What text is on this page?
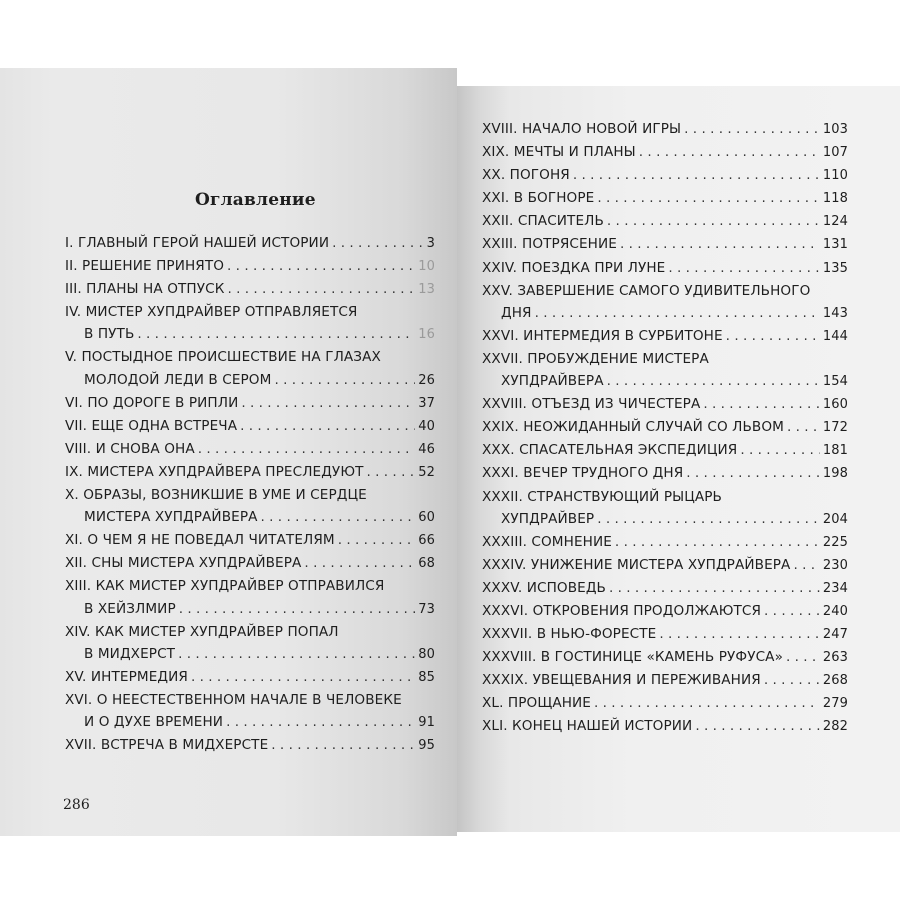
Оглавление
I. ГЛАВНЫЙ ГЕРОЙ НАШЕЙ ИСТОРИИ . . .	3
II. РЕШЕНИЕ ПРИНЯТО . . .	10
III. ПЛАНЫ НА ОТПУСК . . .	13
IV. МИСТЕР ХУПДРАЙВЕР ОТПРАВЛЯЕТСЯ
В ПУТЬ . . .	16
V. ПОСТЫДНОЕ ПРОИСШЕСТВИЕ НА ГЛАЗАХ
МОЛОДОЙ ЛЕДИ В СЕРОМ . . .	26
VI. ПО ДОРОГЕ В РИПЛИ . . .	37
VII. ЕЩЕ ОДНА ВСТРЕЧА . . .	40
VIII. И СНОВА ОНА . . .	46
IX. МИСТЕРА ХУПДРАЙВЕРА ПРЕСЛЕДУЮТ . . .	52
X. ОБРАЗЫ, ВОЗНИКШИЕ В УМЕ И СЕРДЦЕ
МИСТЕРА ХУПДРАЙВЕРА . . .	60
XI. О ЧЕМ Я НЕ ПОВЕДАЛ ЧИТАТЕЛЯМ . . .	66
XII. СНЫ МИСТЕРА ХУПДРАЙВЕРА . . .	68
XIII. КАК МИСТЕР ХУПДРАЙВЕР ОТПРАВИЛСЯ
В ХЕЙЗЛМИР . . .	73
XIV. КАК МИСТЕР ХУПДРАЙВЕР ПОПАЛ
В МИДХЕРСТ . . .	80
XV. ИНТЕРМЕДИЯ . . .	85
XVI. О НЕЕСТЕСТВЕННОМ НАЧАЛЕ В ЧЕЛОВЕКЕ
И О ДУХЕ ВРЕМЕНИ . . .	91
XVII. ВСТРЕЧА В МИДХЕРСТЕ . . .	95
XVIII. НАЧАЛО НОВОЙ ИГРЫ . . .	103
XIX. МЕЧТЫ И ПЛАНЫ . . .	107
XX. ПОГОНЯ . . .	110
XXI. В БОГНОРЕ . . .	118
XXII. СПАСИТЕЛЬ . . .	124
XXIII. ПОТРЯСЕНИЕ . . .	131
XXIV. ПОЕЗДКА ПРИ ЛУНЕ . . .	135
XXV. ЗАВЕРШЕНИЕ САМОГО УДИВИТЕЛЬНОГО
ДНЯ . . .	143
XXVI. ИНТЕРМЕДИЯ В СУРБИТОНЕ . . .	144
XXVII. ПРОБУЖДЕНИЕ МИСТЕРА
ХУПДРАЙВЕРА . . .	154
XXVIII. ОТЪЕЗД ИЗ ЧИЧЕСТЕРА . . .	160
XXIX. НЕОЖИДАННЫЙ СЛУЧАЙ СО ЛЬВОМ . . .	172
XXX. СПАСАТЕЛЬНАЯ ЭКСПЕДИЦИЯ . . .	181
XXXI. ВЕЧЕР ТРУДНОГО ДНЯ . . .	198
XXXII. СТРАНСТВУЮЩИЙ РЫЦАРЬ
ХУПДРАЙВЕР . . .	204
XXXIII. СОМНЕНИЕ . . .	225
XXXIV. УНИЖЕНИЕ МИСТЕРА ХУПДРАЙВЕРА . . . 230
XXXV. ИСПОВЕДЬ . . .	234
XXXVI. ОТКРОВЕНИЯ ПРОДОЛЖАЮТСЯ . . .	240
XXXVII. В НЬЮ-ФОРЕСТЕ . . .	247
XXXVIII. В ГОСТИНИЦЕ «КАМЕНЬ РУФУСА» . . .	263
XXXIX. УВЕЩЕВАНИЯ И ПЕРЕЖИВАНИЯ . . .	268
XL. ПРОЩАНИЕ . . .	279
XLI. КОНЕЦ НАШЕЙ ИСТОРИИ . . .	282
286
